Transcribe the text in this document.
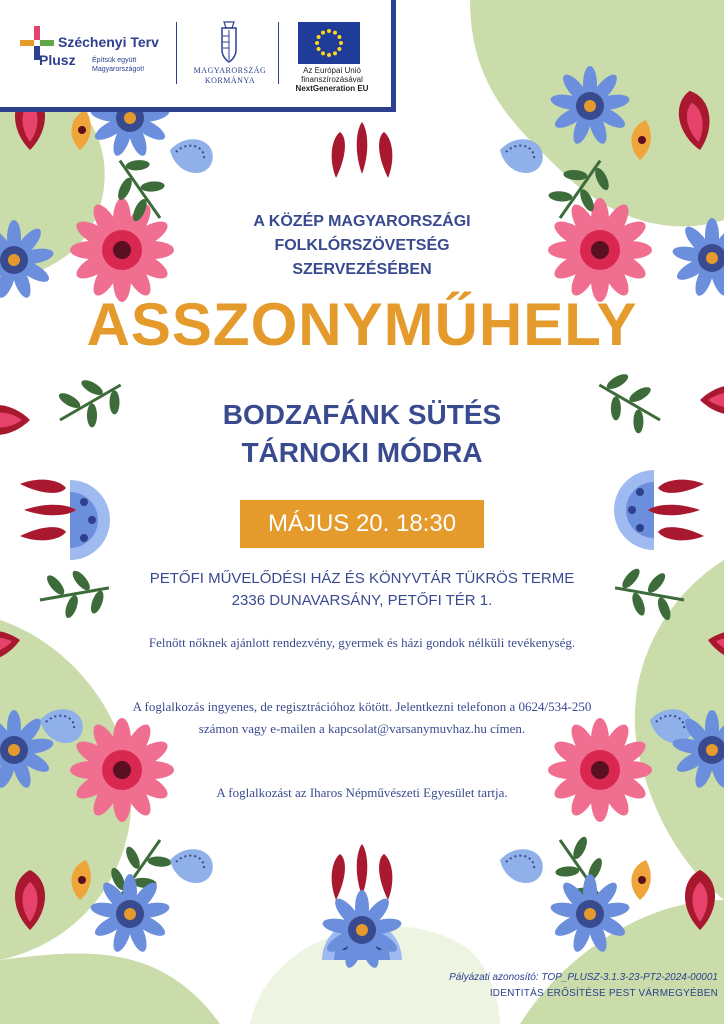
Széchenyi Terv
Plusz Építsük együtt Magyarországot!	MAGYARORSZÁG KORMÁNYA
Az Európai Unió finanszírozásával
NextGeneration EU
A KÖZÉP MAGYARORSZÁGI FOLKLÓRSZÖVETSÉG SZERVEZÉSÉBEN
ASSZONYMŰHELY
BODZAFÁNK SÜTÉS
TÁRNOKI MÓDRA
MÁJUS 20. 18:30
PETŐFI MŰVELŐDÉSI HÁZ ÉS KÖNYVTÁR TÜKRÖS TERME
2336 DUNAVARSÁNY, PETŐFI TÉR 1.
Felnőtt nőknek ajánlott rendezvény, gyermek és házi gondok nélküli tevékenység.
A foglalkozás ingyenes, de regisztrációhoz kötött. Jelentkezni telefonon a 0624/534-250 számon vagy e-mailen a kapcsolat@varsanymuvhaz.hu címen.
A foglalkozást az Iharos Népművészeti Egyesület tartja.
Pályázati azonosító: TOP_PLUSZ-3.1.3-23-PT2-2024-00001
IDENTITÁS ERŐSÍTÉSE PEST VÁRMEGYÉBEN
